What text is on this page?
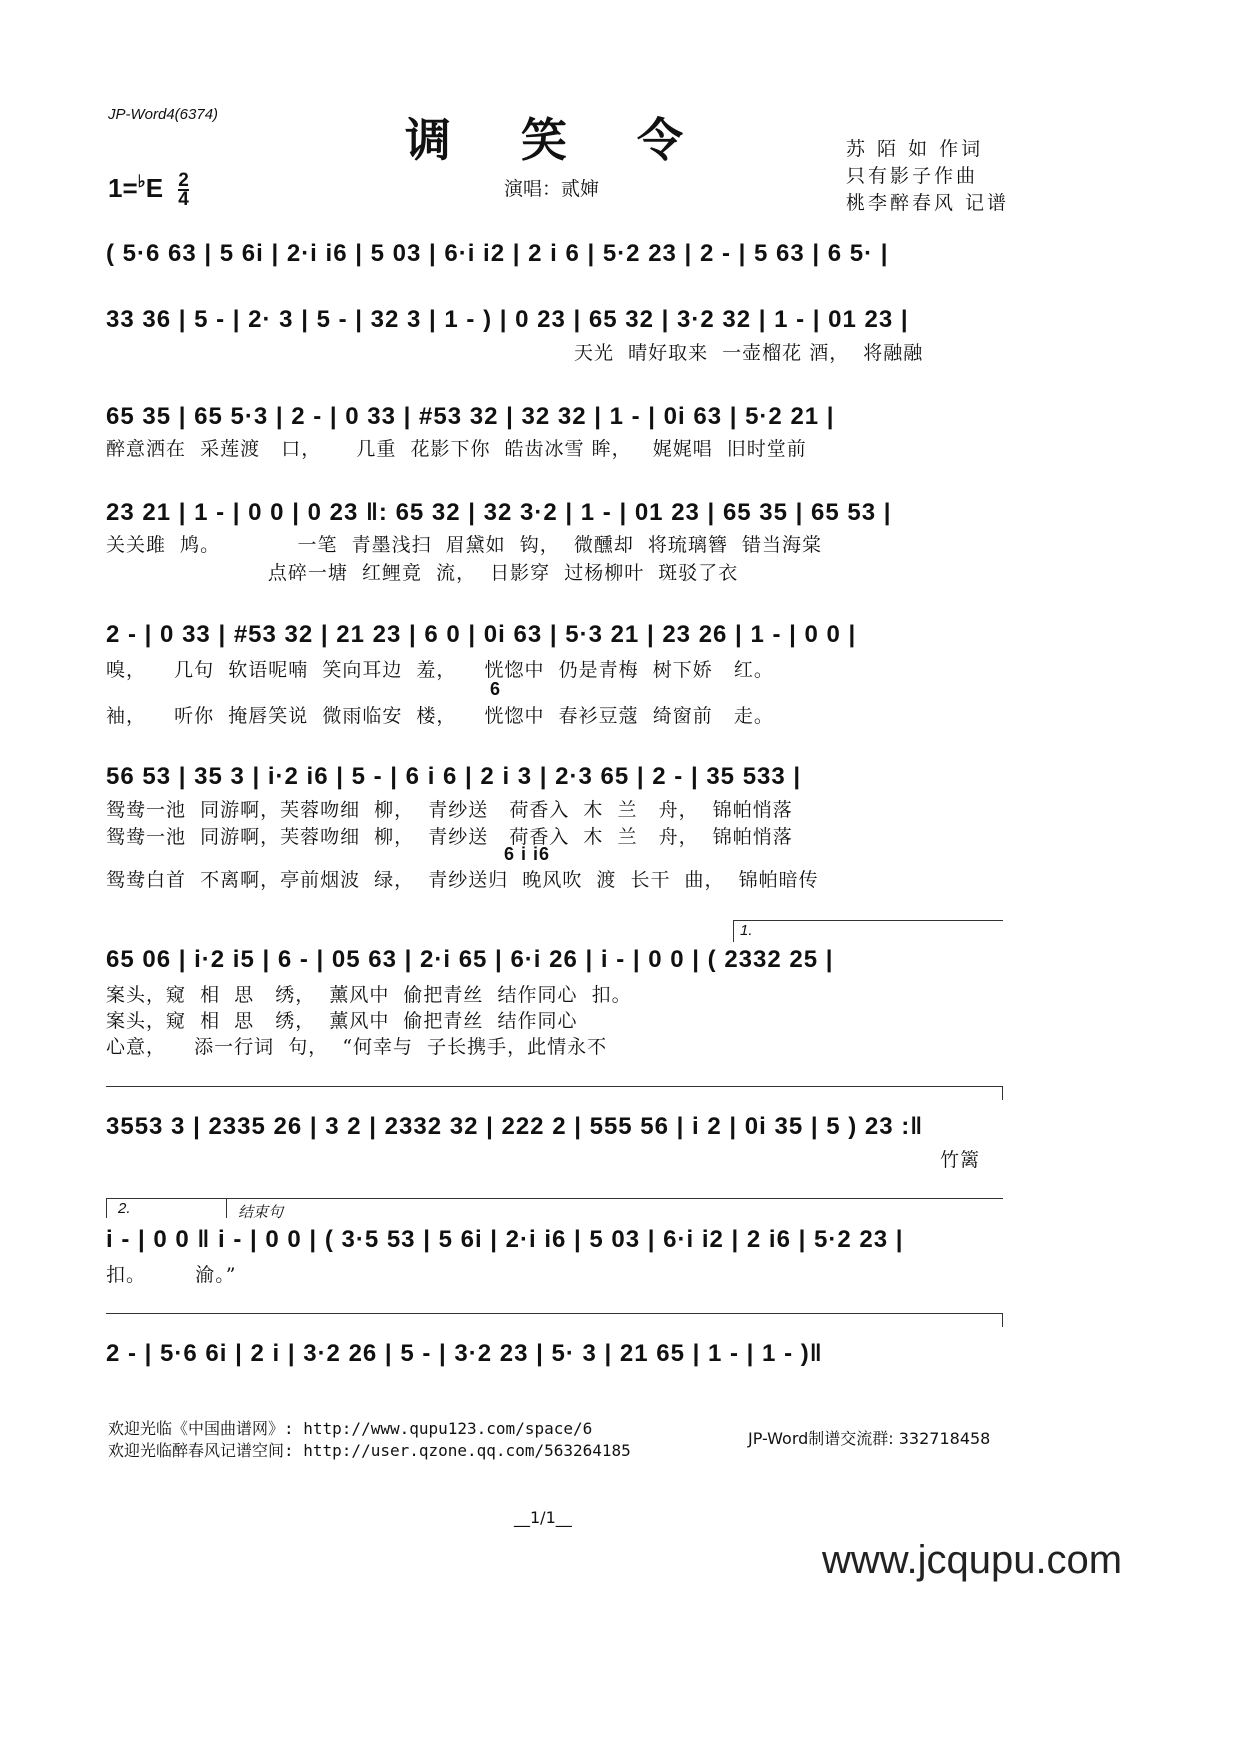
JP-Word4(6374)	调笑令	苏 陌 如 作词
只有影子作曲
桃李醉春风 记谱
$1=^♭E \frac{2}{4}$	演唱：贰婶
( 5·6 63 | 5 6i | 2·i i6 | 5 03 | 6·i i2 | 2 i 6 | 5·2 23 | 2 - | 5 63 | 6 5· |
33 36 | 5 - | 2· 3 | 5 - | 32 3 | 1 - ) | 0 23 | 65 32 | 3·2 32 | 1 - | 01 23 |
天光  晴好取来  一壶榴花 酒，  将融融
65 35 | 65 5·3 | 2 - | 0 33 | #53 32 | 32 32 | 1 - | 0i 63 | 5·2 21 |
醉意洒在  采莲渡   口，     几重  花影下你  皓齿冰雪 眸，   娓娓唱  旧时堂前
23 21 | 1 - | 0 0 | 0 23 ‖: 65 32 | 32 3·2 | 1 - | 01 23 | 65 35 | 65 53 |
关关雎  鸠。           一笔  青墨浅扫  眉黛如  钩，  微醺却  将琉璃簪  错当海棠
点碎一塘  红鲤竟  流，  日影穿  过杨柳叶  斑驳了衣
2 - | 0 33 | #53 32 | 21 23 | 6 0 | 0i 63 | 5·3 21 | 23 26 | 1 - | 0 0 |
嗅，    几句  软语呢喃  笑向耳边  羞，    恍惚中  仍是青梅  树下娇   红。
6
袖，    听你  掩唇笑说  微雨临安  楼，    恍惚中  春衫豆蔻  绮窗前   走。
56 53 | 35 3 | i·2 i6 | 5 - | 6 i 6 | 2 i 3 | 2·3 65 | 2 - | 35 533 |
鸳鸯一池  同游啊，芙蓉吻细  柳，  青纱送   荷香入  木  兰   舟，  锦帕悄落
鸳鸯一池  同游啊，芙蓉吻细  柳，  青纱送   荷香入  木  兰   舟，  锦帕悄落
6 i i6
鸳鸯白首  不离啊，亭前烟波  绿，  青纱送归  晚风吹  渡  长干  曲，  锦帕暗传
1.
65 06 | i·2 i5 | 6 - | 05 63 | 2·i 65 | 6·i 26 | i - | 0 0 | ( 2332 25 |
案头，窥  相  思   绣，  薰风中  偷把青丝  结作同心  扣。
案头，窥  相  思   绣，  薰风中  偷把青丝  结作同心
心意，    添一行词  句，  “何幸与  子长携手，此情永不
3553 3 | 2335 26 | 3 2 | 2332 32 | 222 2 | 555 56 | i 2 | 0i 35 | 5 ) 23 :‖
竹篱
2.	结束句
i - | 0 0 ‖ i - | 0 0 | ( 3·5 53 | 5 6i | 2·i i6 | 5 03 | 6·i i2 | 2 i6 | 5·2 23 |
扣。       渝。”
2 - | 5·6 6i | 2 i | 3·2 26 | 5 - | 3·2 23 | 5· 3 | 21 65 | 1 - | 1 - )‖
欢迎光临《中国曲谱网》: http://www.qupu123.com/space/6
欢迎光临醉春风记谱空间: http://user.qzone.qq.com/563264185
JP-Word制谱交流群: 332718458
__1/1__
www.jcqupu.com
